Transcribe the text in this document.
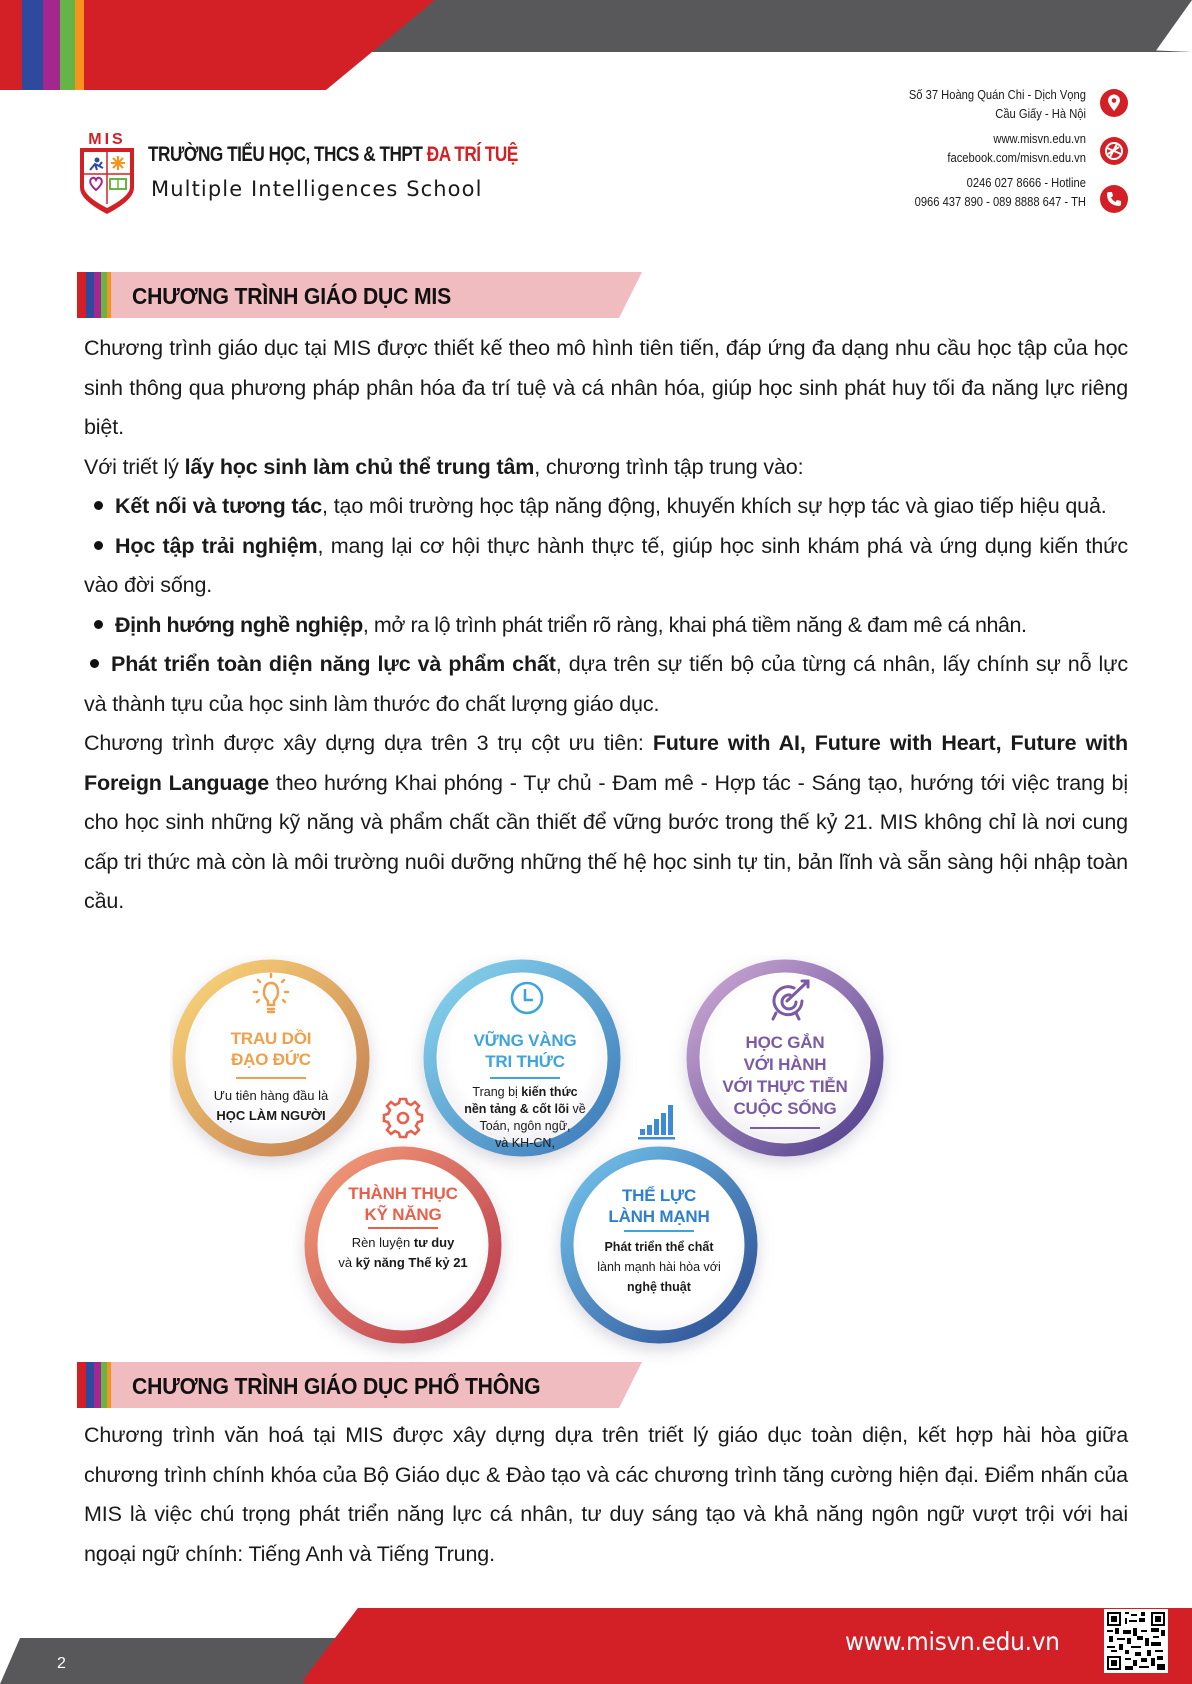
MIS
TRƯỜNG TIỂU HỌC, THCS & THPT ĐA TRÍ TUỆ
Multiple Intelligences School
Số 37 Hoàng Quán Chi - Dịch Vọng
Cầu Giấy - Hà Nội
www.misvn.edu.vn
facebook.com/misvn.edu.vn
0246 027 8666 - Hotline
0966 437 890 - 089 8888 647 - TH
CHƯƠNG TRÌNH GIÁO DỤC MIS

Chương trình giáo dục tại MIS được thiết kế theo mô hình tiên tiến, đáp ứng đa dạng nhu cầu học tập của học sinh thông qua phương pháp phân hóa đa trí tuệ và cá nhân hóa, giúp học sinh phát huy tối đa năng lực riêng biệt.

Với triết lý lấy học sinh làm chủ thể trung tâm, chương trình tập trung vào:

Kết nối và tương tác, tạo môi trường học tập năng động, khuyến khích sự hợp tác và giao tiếp hiệu quả.

Học tập trải nghiệm, mang lại cơ hội thực hành thực tế, giúp học sinh khám phá và ứng dụng kiến thức vào đời sống.

Định hướng nghề nghiệp, mở ra lộ trình phát triển rõ ràng, khai phá tiềm năng & đam mê cá nhân.

Phát triển toàn diện năng lực và phẩm chất, dựa trên sự tiến bộ của từng cá nhân, lấy chính sự nỗ lực và thành tựu của học sinh làm thước đo chất lượng giáo dục.

Chương trình được xây dựng dựa trên 3 trụ cột ưu tiên: Future with AI, Future with Heart, Future with Foreign Language theo hướng Khai phóng - Tự chủ - Đam mê - Hợp tác - Sáng tạo, hướng tới việc trang bị cho học sinh những kỹ năng và phẩm chất cần thiết để vững bước trong thế kỷ 21. MIS không chỉ là nơi cung cấp tri thức mà còn là môi trường nuôi dưỡng những thế hệ học sinh tự tin, bản lĩnh và sẵn sàng hội nhập toàn cầu.

TRAU DỒI
ĐẠO ĐỨC
Ưu tiên hàng đầu là
HỌC LÀM NGƯỜI
VỮNG VÀNG
TRI THỨC
Trang bị kiến thức
nền tảng & cốt lõi về
Toán, ngôn ngữ,
và KH-CN,
HỌC GẮN
VỚI HÀNH
VỚI THỰC TIỄN
CUỘC SỐNG
THÀNH THỤC
KỸ NĂNG
Rèn luyện tư duy
và kỹ năng Thế kỷ 21
THỂ LỰC
LÀNH MẠNH
Phát triển thể chất
lành mạnh hài hòa với
nghệ thuật
CHƯƠNG TRÌNH GIÁO DỤC PHỔ THÔNG

Chương trình văn hoá tại MIS được xây dựng dựa trên triết lý giáo dục toàn diện, kết hợp hài hòa giữa chương trình chính khóa của Bộ Giáo dục & Đào tạo và các chương trình tăng cường hiện đại. Điểm nhấn của MIS là việc chú trọng phát triển năng lực cá nhân, tư duy sáng tạo và khả năng ngôn ngữ vượt trội với hai ngoại ngữ chính: Tiếng Anh và Tiếng Trung.

2
www.misvn.edu.vn
